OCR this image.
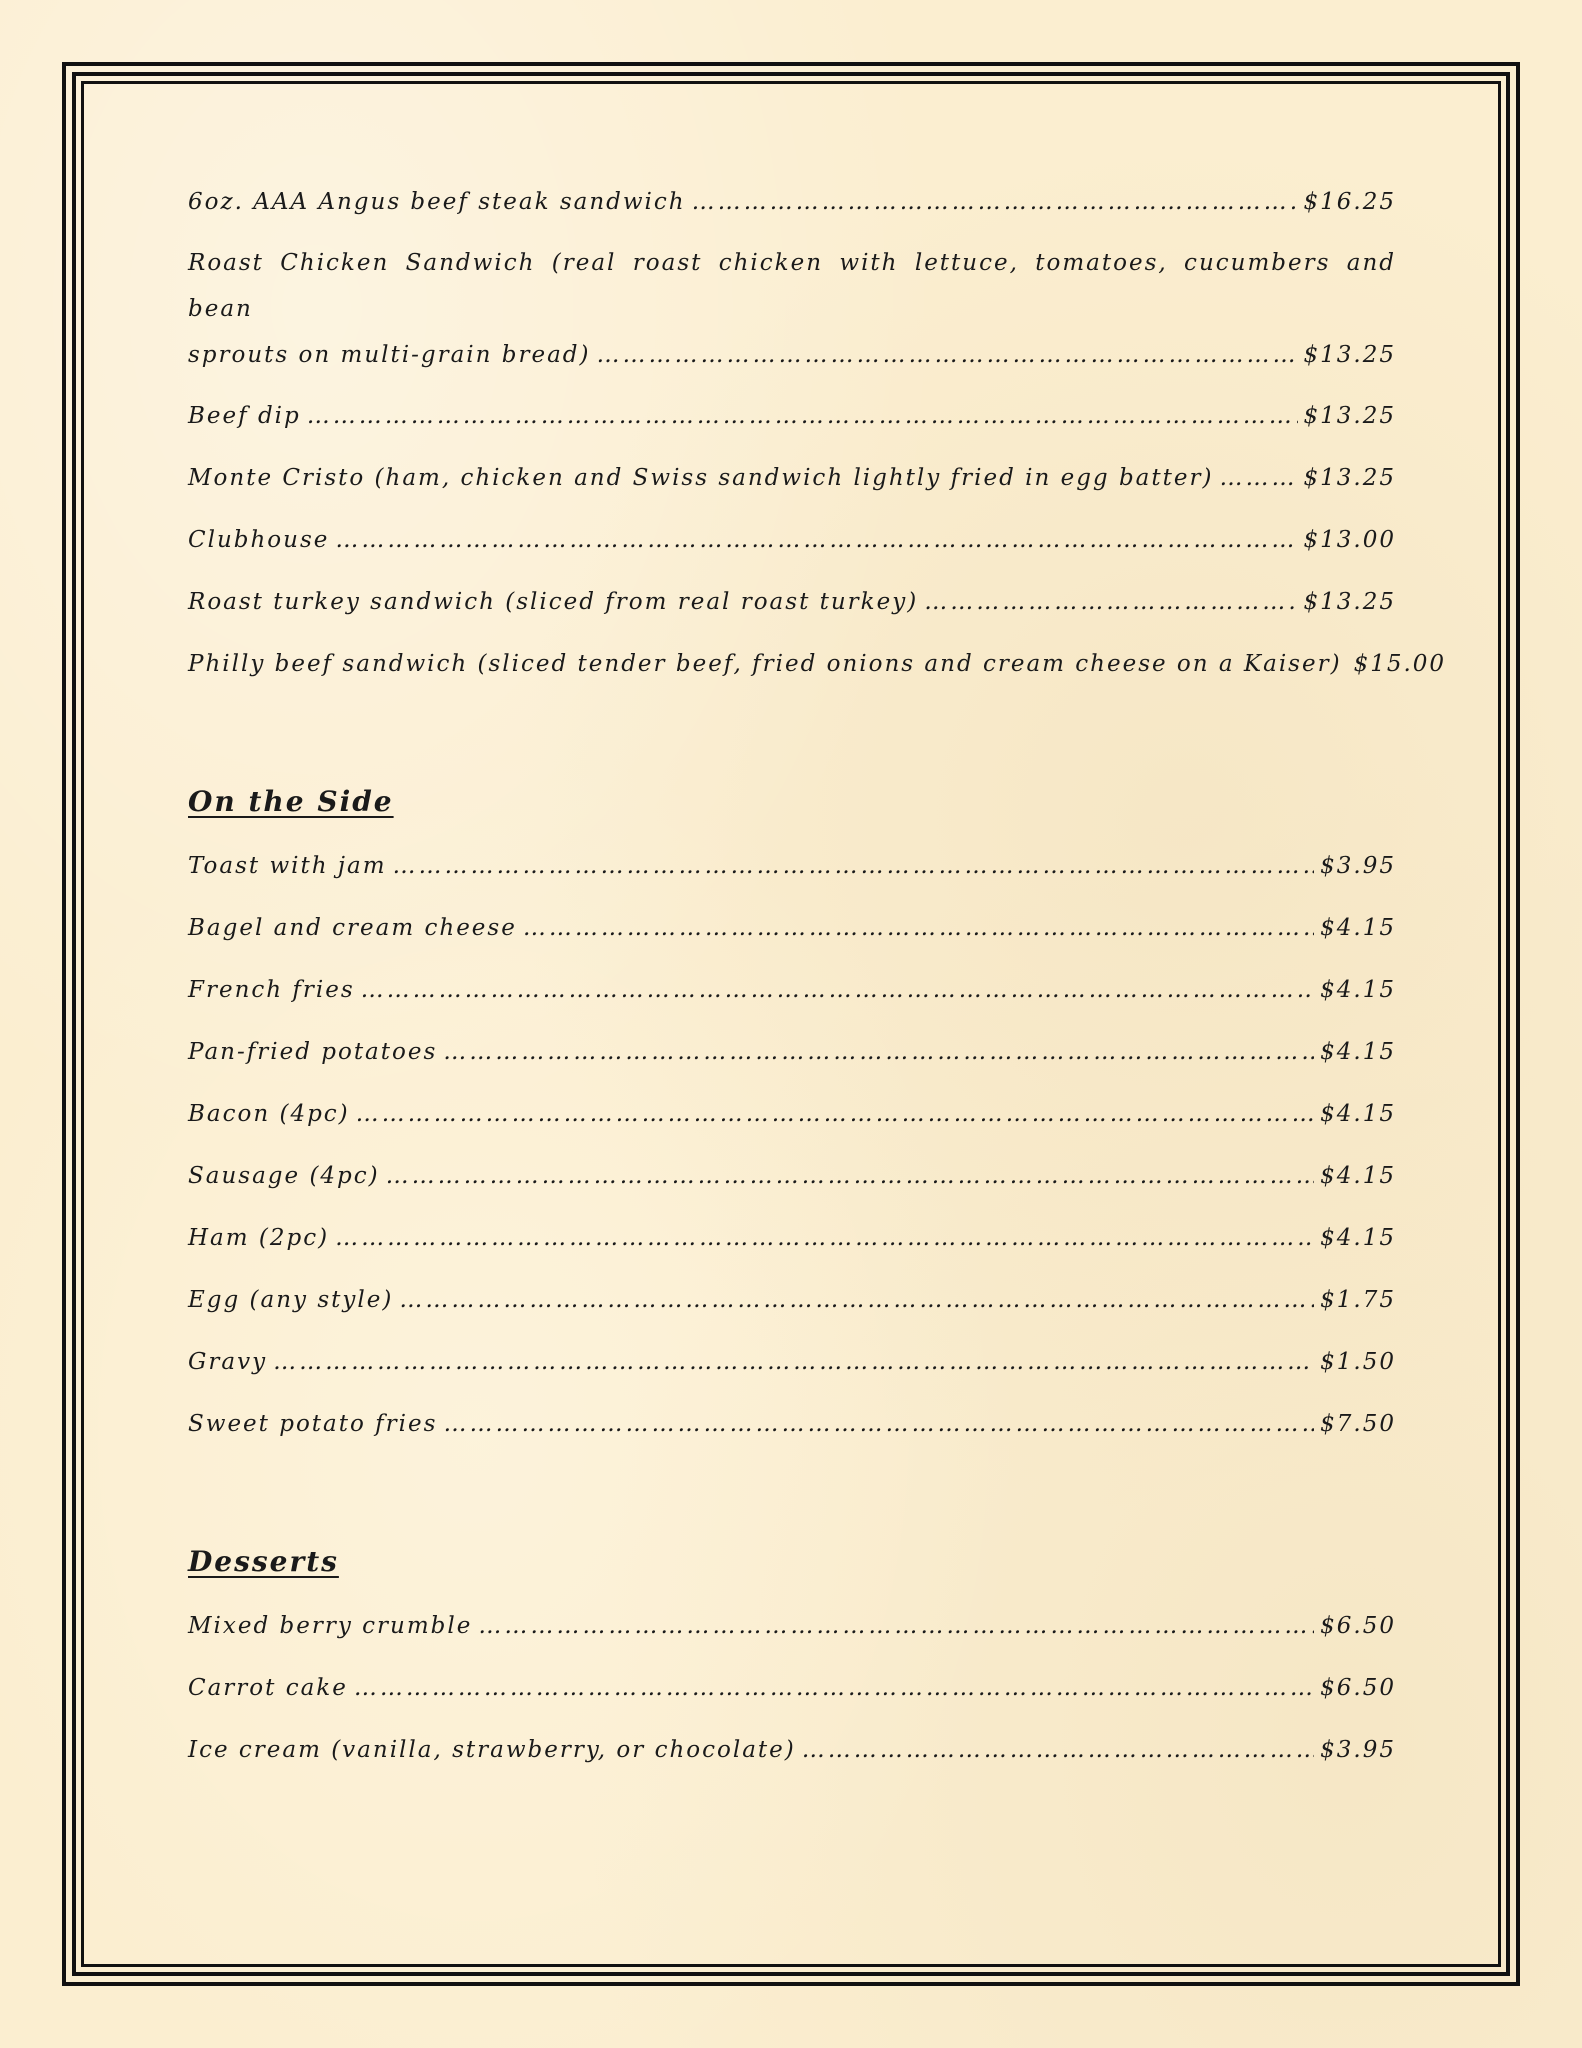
6oz. AAA Angus beef steak sandwich ………………………………………………………………………………………………………………………………………………	$16.25
Roast Chicken Sandwich (real roast chicken with lettuce, tomatoes, cucumbers and bean
sprouts on multi-grain bread) ………………………………………………………………………………………………………………………………………………	$13.25
Beef dip ………………………………………………………………………………………………………………………………………………	$13.25
Monte Cristo (ham, chicken and Swiss sandwich lightly fried in egg batter) ………………………………………………………………………………………………………………………………………………	$13.25
Clubhouse ………………………………………………………………………………………………………………………………………………	$13.00
Roast turkey sandwich (sliced from real roast turkey) ………………………………………………………………………………………………………………………………………………	$13.25
Philly beef sandwich (sliced tender beef, fried onions and cream cheese on a Kaiser) $15.00
On the Side
Toast with jam ………………………………………………………………………………………………………………………………………………	$3.95
Bagel and cream cheese ………………………………………………………………………………………………………………………………………………	$4.15
French fries ………………………………………………………………………………………………………………………………………………	$4.15
Pan-fried potatoes ………………………………………………………………………………………………………………………………………………	$4.15
Bacon (4pc) ………………………………………………………………………………………………………………………………………………	$4.15
Sausage (4pc) ………………………………………………………………………………………………………………………………………………	$4.15
Ham (2pc) ………………………………………………………………………………………………………………………………………………	$4.15
Egg (any style) ………………………………………………………………………………………………………………………………………………	$1.75
Gravy ………………………………………………………………………………………………………………………………………………	$1.50
Sweet potato fries ………………………………………………………………………………………………………………………………………………	$7.50
Desserts
Mixed berry crumble ………………………………………………………………………………………………………………………………………………	$6.50
Carrot cake ………………………………………………………………………………………………………………………………………………	$6.50
Ice cream (vanilla, strawberry, or chocolate) ………………………………………………………………………………………………………………………………………………	$3.95
